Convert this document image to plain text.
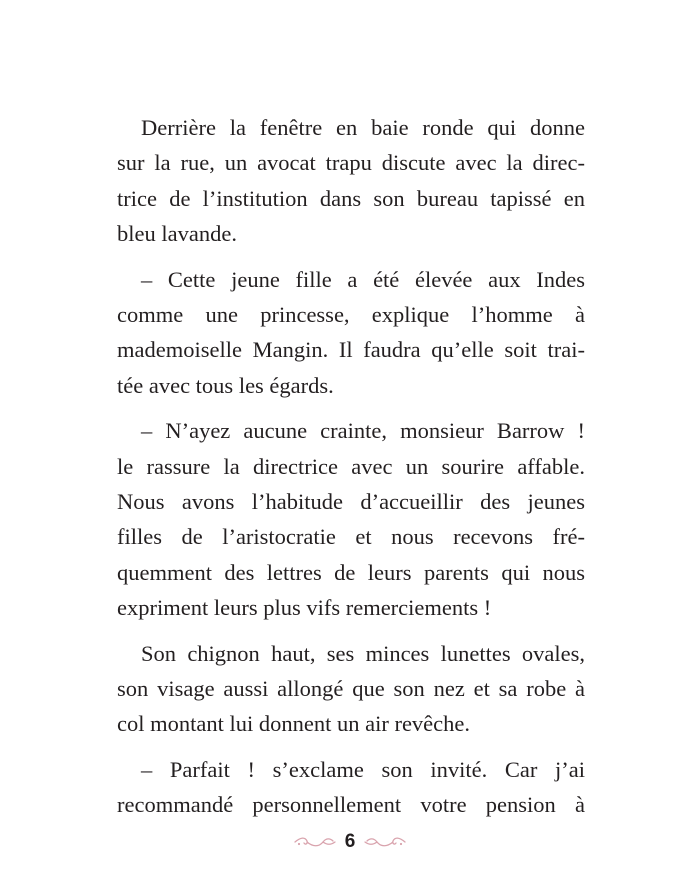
Derrière la fenêtre en baie ronde qui donne
sur la rue, un avocat trapu discute avec la direc-
trice de l’institution dans son bureau tapissé en
bleu lavande.
– Cette jeune fille a été élevée aux Indes
comme une princesse, explique l’homme à
mademoiselle Mangin. Il faudra qu’elle soit trai-
tée avec tous les égards.
– N’ayez aucune crainte, monsieur Barrow !
le rassure la directrice avec un sourire affable.
Nous avons l’habitude d’accueillir des jeunes
filles de l’aristocratie et nous recevons fré-
quemment des lettres de leurs parents qui nous
expriment leurs plus vifs remerciements !
Son chignon haut, ses minces lunettes ovales,
son visage aussi allongé que son nez et sa robe à
col montant lui donnent un air revêche.
– Parfait ! s’exclame son invité. Car j’ai
recommandé personnellement votre pension à
6
